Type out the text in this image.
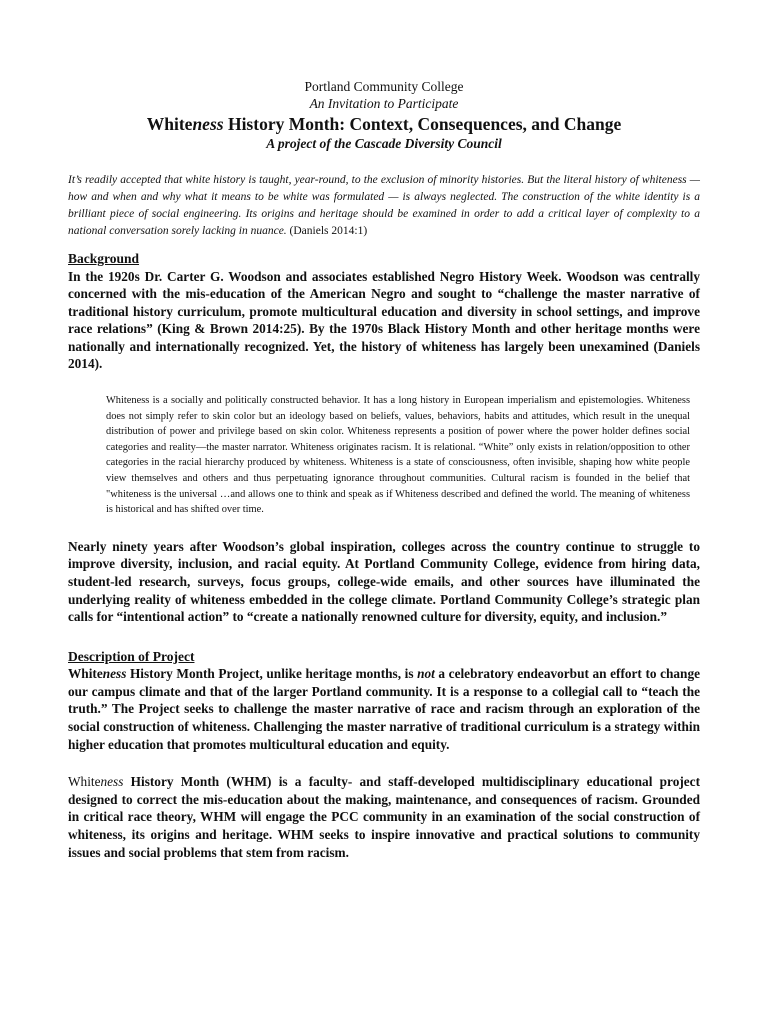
Portland Community College
An Invitation to Participate
Whiteness History Month: Context, Consequences, and Change
A project of the Cascade Diversity Council
It’s readily accepted that white history is taught, year-round, to the exclusion of minority histories. But the literal history of whiteness — how and when and why what it means to be white was formulated — is always neglected. The construction of the white identity is a brilliant piece of social engineering. Its origins and heritage should be examined in order to add a critical layer of complexity to a national conversation sorely lacking in nuance. (Daniels 2014:1)
Background
In the 1920s Dr. Carter G. Woodson and associates established Negro History Week. Woodson was centrally concerned with the mis-education of the American Negro and sought to “challenge the master narrative of traditional history curriculum, promote multicultural education and diversity in school settings, and improve race relations” (King & Brown 2014:25). By the 1970s Black History Month and other heritage months were nationally and internationally recognized. Yet, the history of whiteness has largely been unexamined (Daniels 2014).
Whiteness is a socially and politically constructed behavior. It has a long history in European imperialism and epistemologies. Whiteness does not simply refer to skin color but an ideology based on beliefs, values, behaviors, habits and attitudes, which result in the unequal distribution of power and privilege based on skin color. Whiteness represents a position of power where the power holder defines social categories and reality—the master narrator. Whiteness originates racism. It is relational. “White” only exists in relation/opposition to other categories in the racial hierarchy produced by whiteness. Whiteness is a state of consciousness, often invisible, shaping how white people view themselves and others and thus perpetuating ignorance throughout communities. Cultural racism is founded in the belief that "whiteness is the universal …and allows one to think and speak as if Whiteness described and defined the world. The meaning of whiteness is historical and has shifted over time.
Nearly ninety years after Woodson’s global inspiration, colleges across the country continue to struggle to improve diversity, inclusion, and racial equity. At Portland Community College, evidence from hiring data, student-led research, surveys, focus groups, college-wide emails, and other sources have illuminated the underlying reality of whiteness embedded in the college climate. Portland Community College’s strategic plan calls for “intentional action” to “create a nationally renowned culture for diversity, equity, and inclusion.”
Description of Project
Whiteness History Month Project, unlike heritage months, is not a celebratory endeavorbut an effort to change our campus climate and that of the larger Portland community. It is a response to a collegial call to “teach the truth.” The Project seeks to challenge the master narrative of race and racism through an exploration of the social construction of whiteness. Challenging the master narrative of traditional curriculum is a strategy within higher education that promotes multicultural education and equity.
Whiteness History Month (WHM) is a faculty- and staff-developed multidisciplinary educational project designed to correct the mis-education about the making, maintenance, and consequences of racism. Grounded in critical race theory, WHM will engage the PCC community in an examination of the social construction of whiteness, its origins and heritage. WHM seeks to inspire innovative and practical solutions to community issues and social problems that stem from racism.
